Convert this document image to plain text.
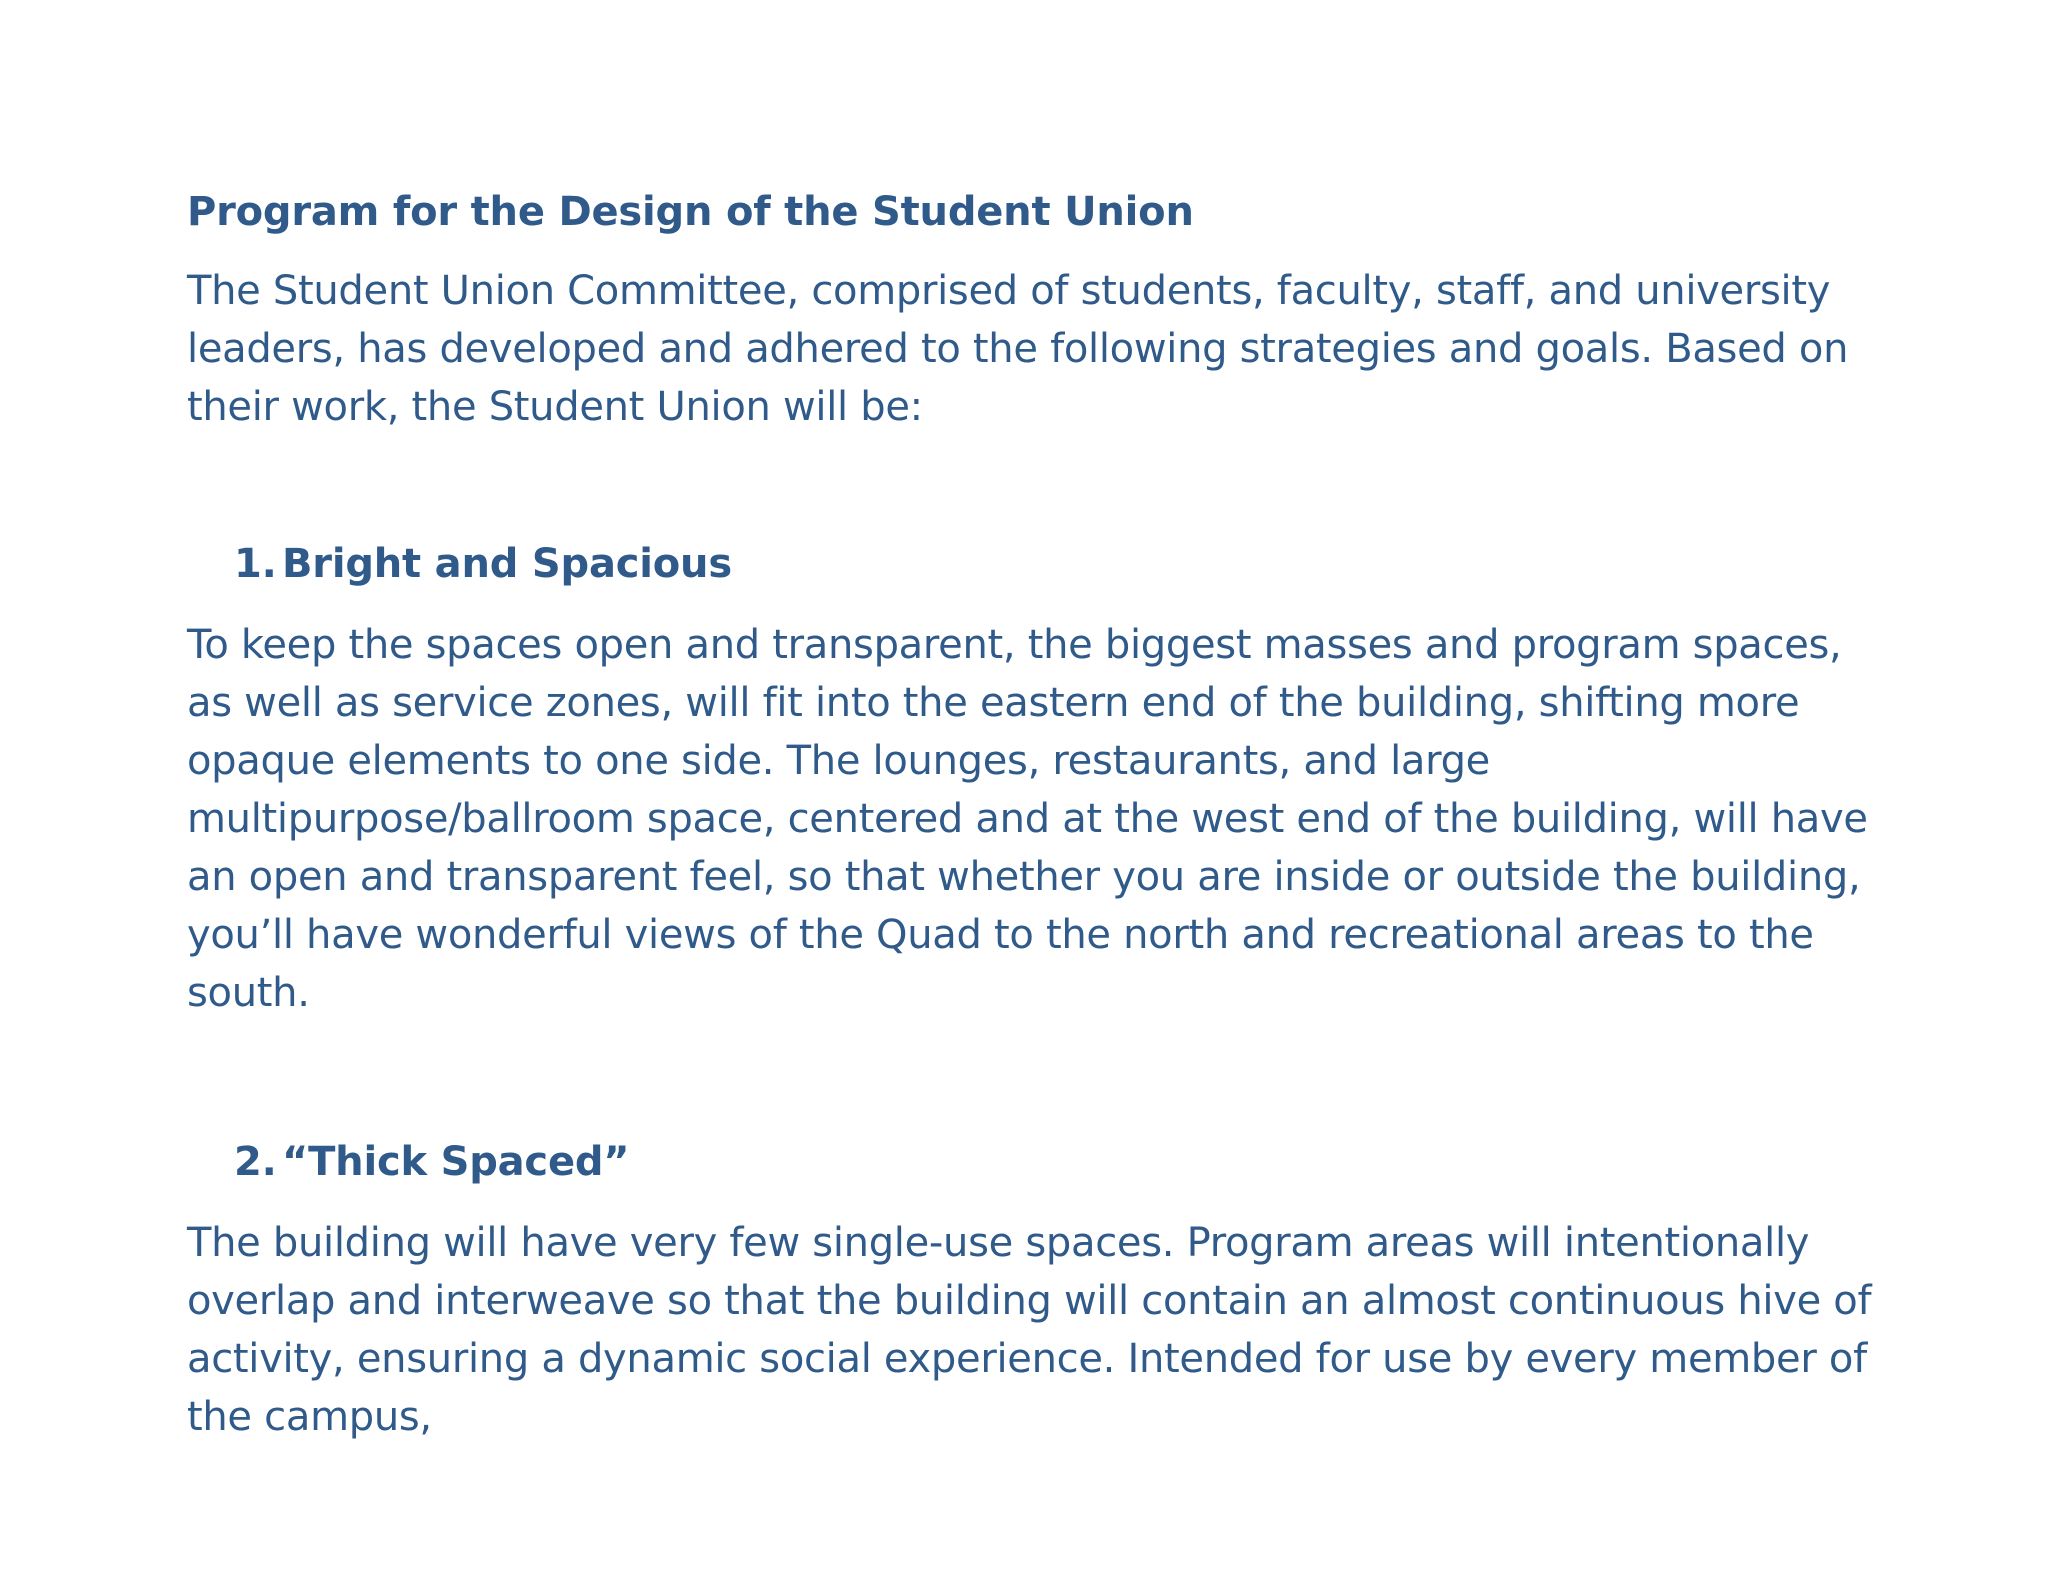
Program for the Design of the Student Union

The Student Union Committee, comprised of students, faculty, staff, and university leaders, has developed and adhered to the following strategies and goals. Based on their work, the Student Union will be:

1. Bright and Spacious

To keep the spaces open and transparent, the biggest masses and program spaces, as well as service zones, will fit into the eastern end of the building, shifting more opaque elements to one side. The lounges, restaurants, and large multipurpose/ballroom space, centered and at the west end of the building, will have an open and transparent feel, so that whether you are inside or outside the building, you’ll have wonderful views of the Quad to the north and recreational areas to the south.

2. “Thick Spaced”

The building will have very few single-use spaces. Program areas will intentionally overlap and interweave so that the building will contain an almost continuous hive of activity, ensuring a dynamic social experience. Intended for use by every member of the campus,
